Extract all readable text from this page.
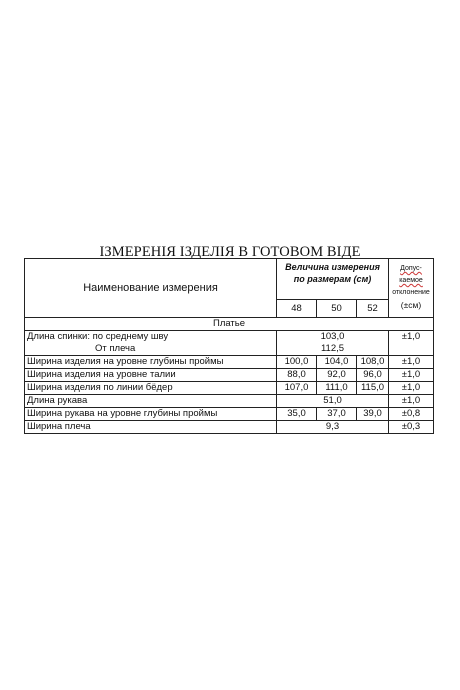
ІЗМЕРЕНІЯ ІЗДЕЛІЯ В ГОТОВОМ ВІДЕ
Наименование измерения	Величина измерения по размерам (см)			Допус-
каемое
отклонение
(±см)
	48	50	52	
Платье				
Длина спинки: по среднему шву	103,0			±1,0
От плеча	112,5			
Ширина изделия на уровне глубины проймы	100,0	104,0	108,0	±1,0
Ширина изделия на уровне талии	88,0	92,0	96,0	±1,0
Ширина изделия по линии бёдер	107,0	111,0	115,0	±1,0
Длина рукава	51,0			±1,0
Ширина рукава на уровне глубины проймы	35,0	37,0	39,0	±0,8
Ширина плеча	9,3			±0,3
